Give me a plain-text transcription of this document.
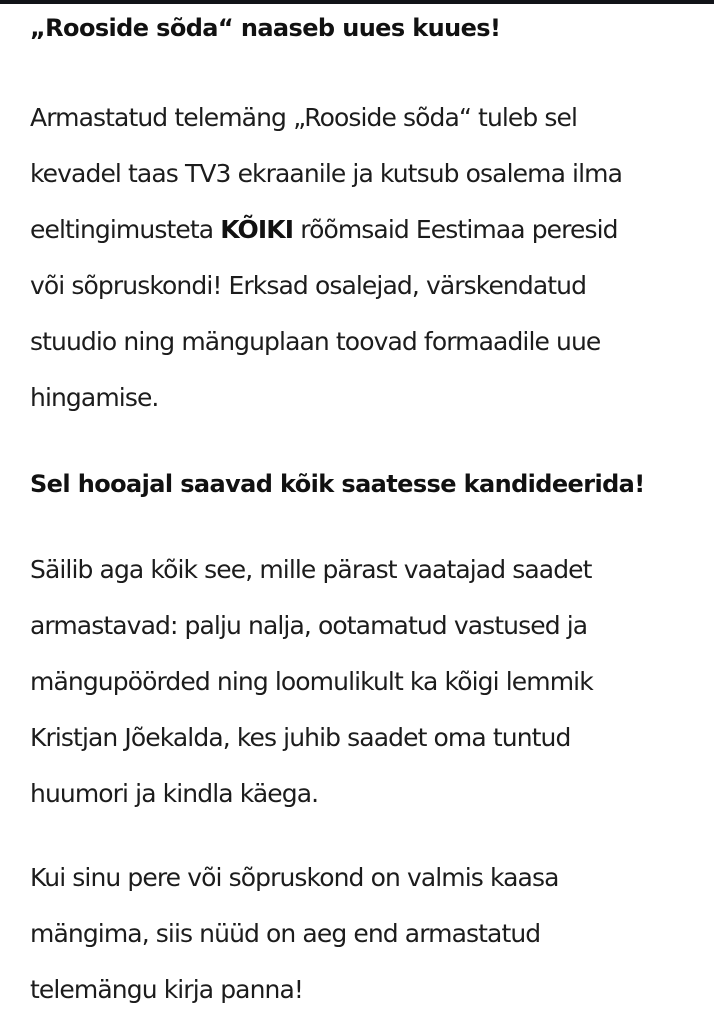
„Rooside sõda“ naaseb uues kuues!

Armastatud telemäng „Rooside sõda“ tuleb sel
kevadel taas TV3 ekraanile ja kutsub osalema ilma
eeltingimusteta KÕIKI rõõmsaid Eestimaa peresid
või sõpruskondi! Erksad osalejad, värskendatud
stuudio ning mänguplaan toovad formaadile uue
hingamise.

Sel hooajal saavad kõik saatesse kandideerida!

Säilib aga kõik see, mille pärast vaatajad saadet
armastavad: palju nalja, ootamatud vastused ja
mängupöörded ning loomulikult ka kõigi lemmik
Kristjan Jõekalda, kes juhib saadet oma tuntud
huumori ja kindla käega.

Kui sinu pere või sõpruskond on valmis kaasa
mängima, siis nüüd on aeg end armastatud
telemängu kirja panna!
